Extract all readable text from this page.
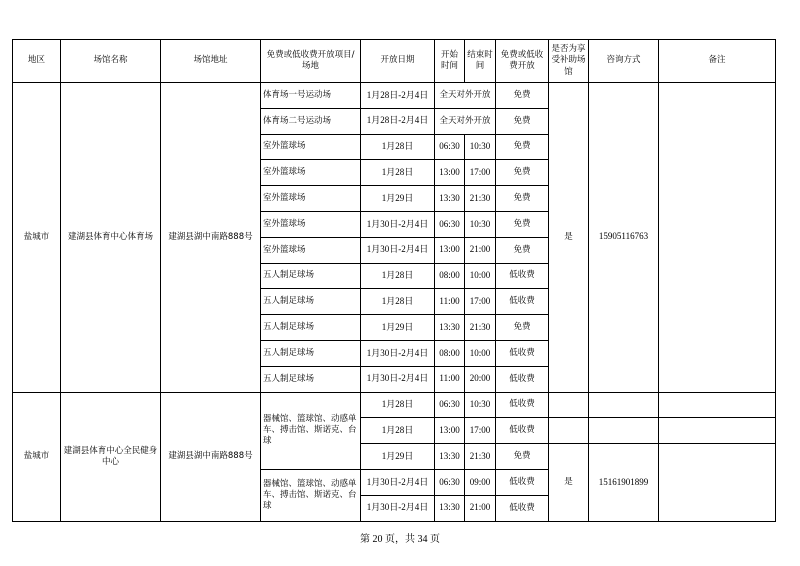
地区	场馆名称	场馆地址	免费或低收费开放项目/场地	开放日期	开始时间	结束时间	免费或低收费开放	是否为享受补助场馆	咨询方式	备注
盐城市	建湖县体育中心体育场	建湖县湖中南路888号	体育场一号运动场	1月28日-2月4日	全天对外开放		免费	是	15905116763	
			体育场二号运动场	1月28日-2月4日	全天对外开放		免费			
			室外篮球场	1月28日	06:30	10:30	免费			
			室外篮球场	1月28日	13:00	17:00	免费			
			室外篮球场	1月29日	13:30	21:30	免费			
			室外篮球场	1月30日-2月4日	06:30	10:30	免费			
			室外篮球场	1月30日-2月4日	13:00	21:00	免费			
			五人制足球场	1月28日	08:00	10:00	低收费			
			五人制足球场	1月28日	11:00	17:00	低收费			
			五人制足球场	1月29日	13:30	21:30	免费			
			五人制足球场	1月30日-2月4日	08:00	10:00	低收费			
			五人制足球场	1月30日-2月4日	11:00	20:00	低收费			
盐城市	建湖县体育中心全民健身中心	建湖县湖中南路888号	器械馆、篮球馆、动感单车、搏击馆、斯诺克、台球	1月28日	06:30	10:30	低收费			
				1月28日	13:00	17:00	低收费			
				1月29日	13:30	21:30	免费	是	15161901899	
			器械馆、篮球馆、动感单车、搏击馆、斯诺克、台球	1月30日-2月4日	06:30	09:00	低收费			
				1月30日-2月4日	13:30	21:00	低收费			
第 20 页，共 34 页
